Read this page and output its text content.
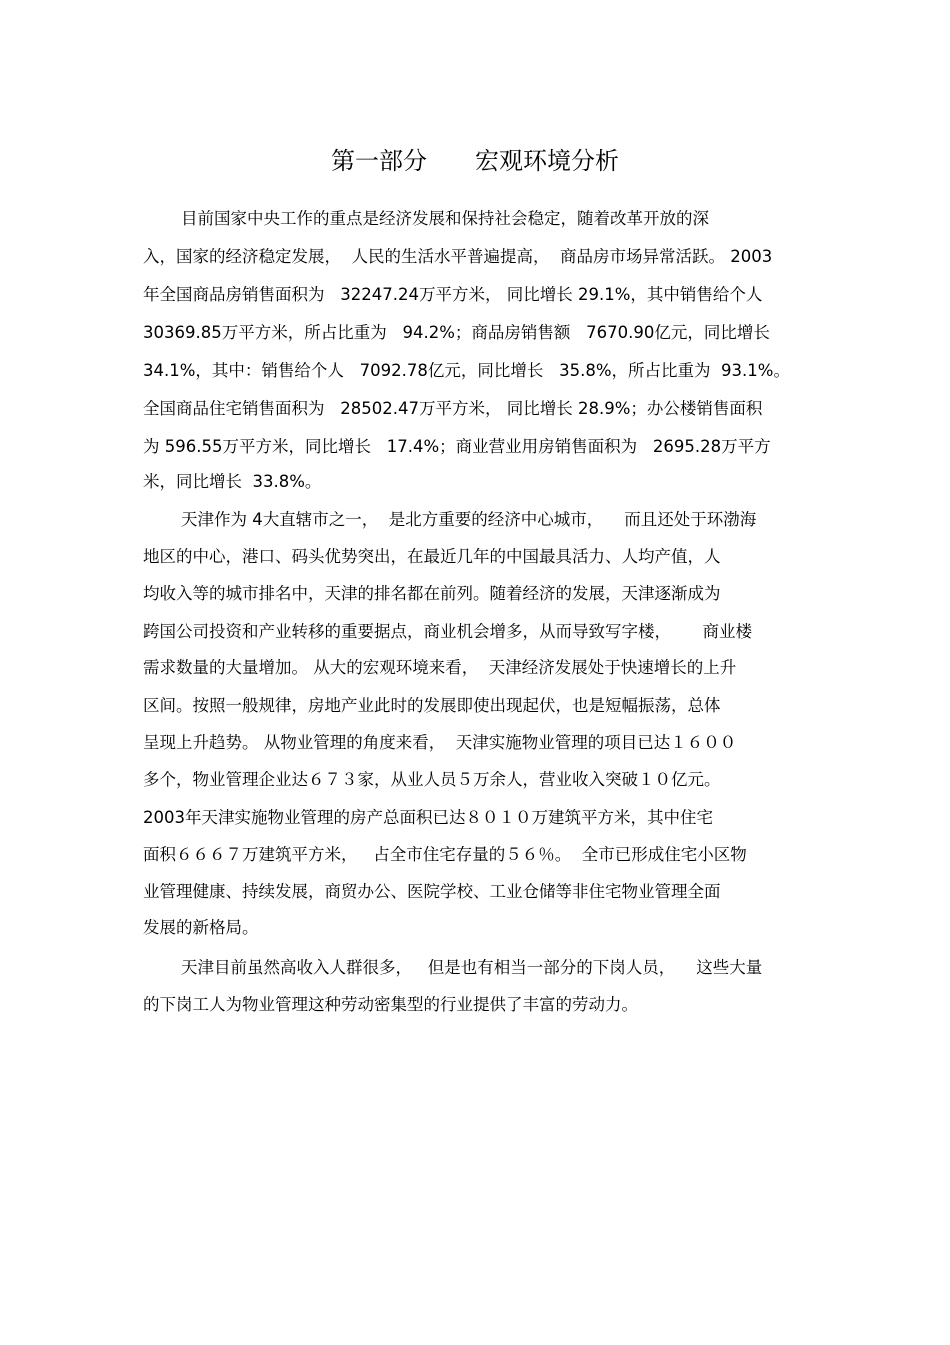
第一部分　　宏观环境分析
目前国家中央工作的重点是经济发展和保持社会稳定，随着改革开放的深
入，国家的经济稳定发展，  人民的生活水平普遍提高，  商品房市场异常活跃。 2003
年全国商品房销售面积为   32247.24万平方米， 同比增长 29.1%，其中销售给个人
30369.85万平方米，所占比重为   94.2%；商品房销售额   7670.90亿元，同比增长
34.1%，其中：销售给个人   7092.78亿元，同比增长   35.8%，所占比重为  93.1%。
全国商品住宅销售面积为   28502.47万平方米， 同比增长 28.9%；办公楼销售面积
为 596.55万平方米，同比增长   17.4%；商业营业用房销售面积为   2695.28万平方
米，同比增长  33.8%。
天津作为 4大直辖市之一，  是北方重要的经济中心城市，    而且还处于环渤海
地区的中心，港口、码头优势突出，在最近几年的中国最具活力、人均产值，人
均收入等的城市排名中，天津的排名都在前列。随着经济的发展，天津逐渐成为
跨国公司投资和产业转移的重要据点，商业机会增多，从而导致写字楼，      商业楼
需求数量的大量增加。 从大的宏观环境来看，  天津经济发展处于快速增长的上升
区间。按照一般规律，房地产业此时的发展即使出现起伏，也是短幅振荡，总体
呈现上升趋势。 从物业管理的角度来看，  天津实施物业管理的项目已达１６００
多个，物业管理企业达６７３家，从业人员５万余人，营业收入突破１０亿元。
2003年天津实施物业管理的房产总面积已达８０１０万建筑平方米，其中住宅
面积６６６７万建筑平方米，   占全市住宅存量的５６％。  全市已形成住宅小区物
业管理健康、持续发展，商贸办公、医院学校、工业仓储等非住宅物业管理全面
发展的新格局。
天津目前虽然高收入人群很多，   但是也有相当一部分的下岗人员，    这些大量
的下岗工人为物业管理这种劳动密集型的行业提供了丰富的劳动力。
